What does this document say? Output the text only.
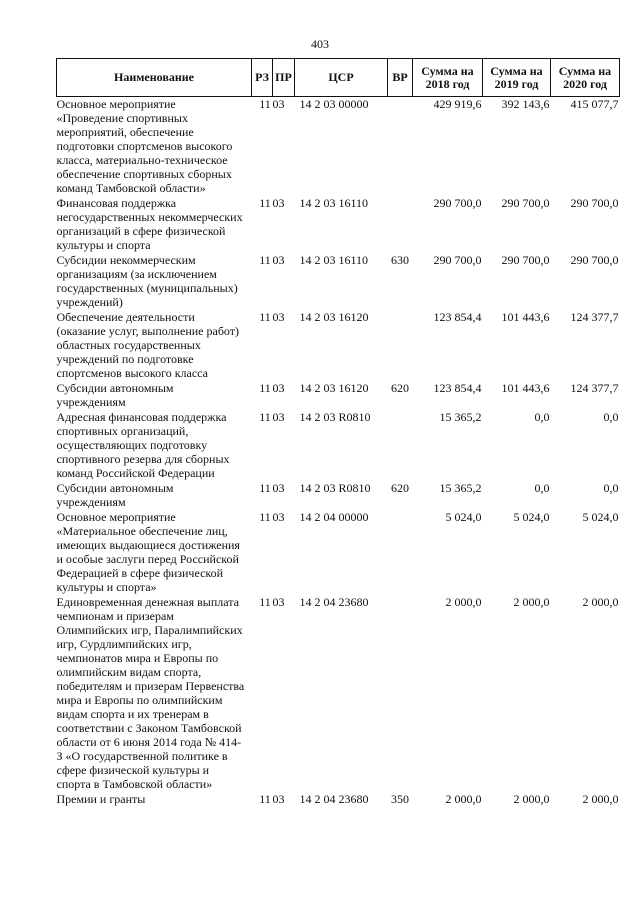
403
Наименование	РЗ	ПР	ЦСР	ВР	Сумма на 2018 год	Сумма на 2019 год	Сумма на 2020 год
Основное мероприятие «Проведение спортивных мероприятий, обеспечение подготовки спортсменов высокого класса, материально-техническое обеспечение спортивных сборных команд Тамбовской области»	11	03	14 2 03 00000		429 919,6	392 143,6	415 077,7
Финансовая поддержка негосударственных некоммерческих организаций в сфере физической культуры и спорта	11	03	14 2 03 16110		290 700,0	290 700,0	290 700,0
Субсидии некоммерческим организациям (за исключением государственных (муниципальных) учреждений)	11	03	14 2 03 16110	630	290 700,0	290 700,0	290 700,0
Обеспечение деятельности (оказание услуг, выполнение работ) областных государственных учреждений по подготовке спортсменов высокого класса	11	03	14 2 03 16120		123 854,4	101 443,6	124 377,7
Субсидии автономным учреждениям	11	03	14 2 03 16120	620	123 854,4	101 443,6	124 377,7
Адресная финансовая поддержка спортивных организаций, осуществляющих подготовку спортивного резерва для сборных команд Российской Федерации	11	03	14 2 03 R0810		15 365,2	0,0	0,0
Субсидии автономным учреждениям	11	03	14 2 03 R0810	620	15 365,2	0,0	0,0
Основное мероприятие «Материальное обеспечение лиц, имеющих выдающиеся достижения и особые заслуги перед Российской Федерацией в сфере физической культуры и спорта»	11	03	14 2 04 00000		5 024,0	5 024,0	5 024,0
Единовременная денежная выплата чемпионам и призерам Олимпийских игр, Паралимпийских игр, Сурдлимпийских игр, чемпионатов мира и Европы по олимпийским видам спорта, победителям и призерам Первенства мира и Европы по олимпийским видам спорта и их тренерам в соответствии с Законом Тамбовской области от 6 июня 2014 года № 414-З «О государственной политике в сфере физической культуры и спорта в Тамбовской области»	11	03	14 2 04 23680		2 000,0	2 000,0	2 000,0
Премии и гранты	11	03	14 2 04 23680	350	2 000,0	2 000,0	2 000,0
